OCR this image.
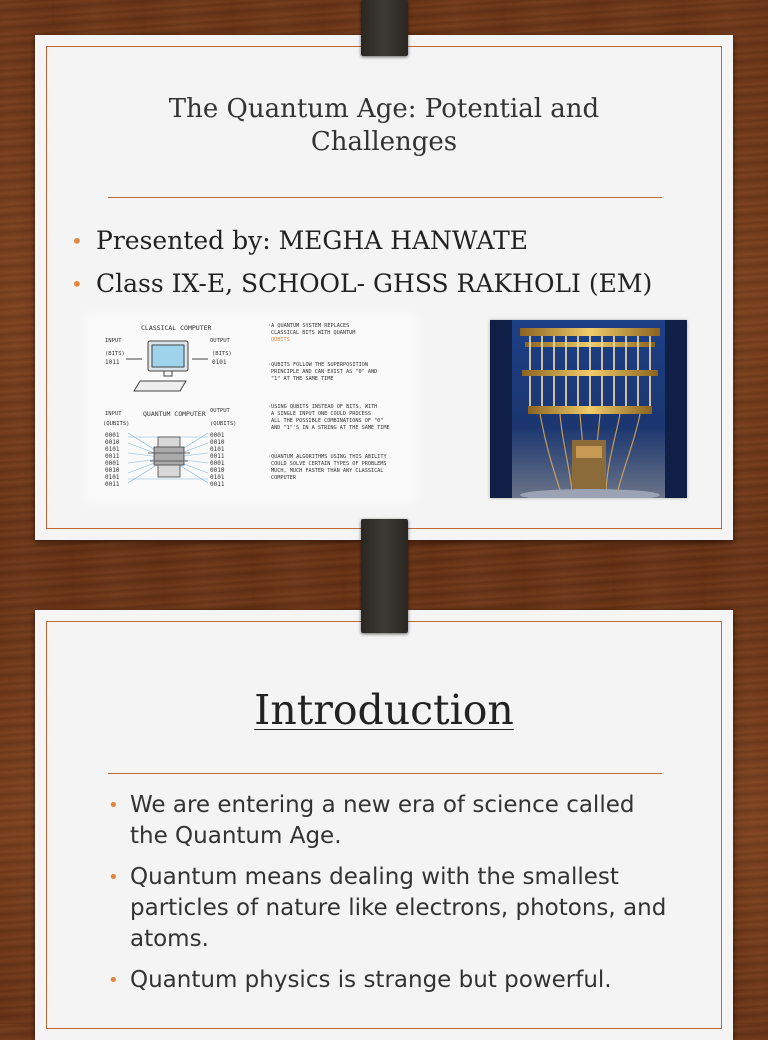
The Quantum Age: Potential and Challenges
• Presented by: MEGHA HANWATE
• Class IX-E, SCHOOL- GHSS RAKHOLI (EM)
CLASSICAL COMPUTER
INPUT
(BITS)
1011
OUTPUT
(BITS)
0101
QUANTUM COMPUTER
INPUT
(QUBITS)
OUTPUT
(QUBITS)
0001
0010
0101
0011
0001
0010
0101
0011
0001
0010
0101
0011
0001
0010
0101
0011
·A QUANTUM SYSTEM REPLACES
CLASSICAL BITS WITH QUANTUM
QUBITS
·QUBITS FOLLOW THE SUPERPOSITION
PRINCIPLE AND CAN EXIST AS "0" AND
"1" AT THE SAME TIME
·USING QUBITS INSTEAD OF BITS, WITH
A SINGLE INPUT ONE COULD PROCESS
ALL THE POSSIBLE COMBINATIONS OF "0"
AND "1"'S IN A STRING AT THE SAME TIME
·QUANTUM ALGORITHMS USING THIS ABILITY
COULD SOLVE CERTAIN TYPES OF PROBLEMS
MUCH, MUCH FASTER THAN ANY CLASSICAL
COMPUTER
Introduction
• We are entering a new era of science called the Quantum Age.
• Quantum means dealing with the smallest particles of nature like electrons, photons, and atoms.
• Quantum physics is strange but powerful.
